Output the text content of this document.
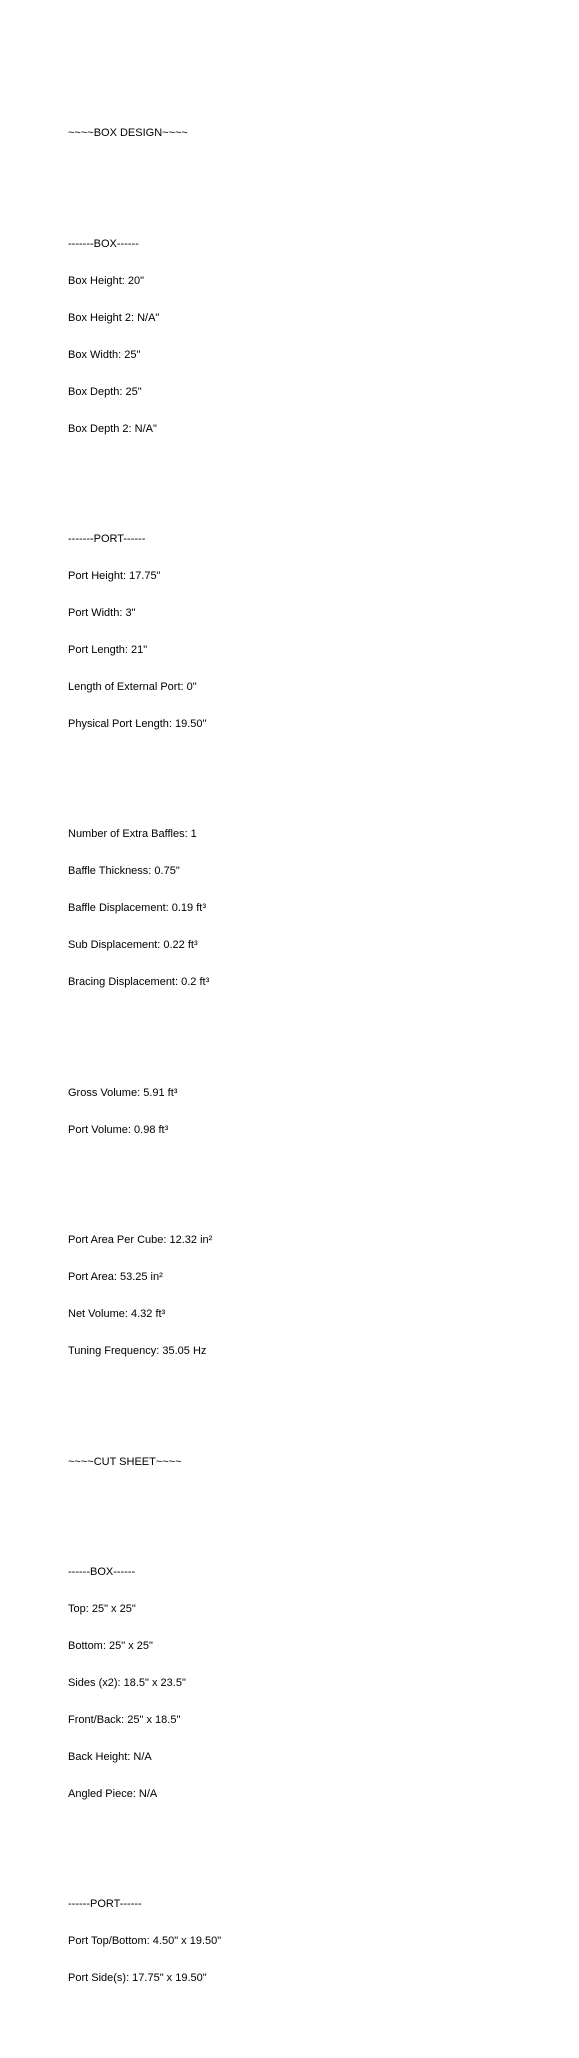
~~~~BOX DESIGN~~~~

-------BOX------

Box Height: 20"

Box Height 2: N/A"

Box Width: 25"

Box Depth: 25"

Box Depth 2: N/A"

-------PORT------

Port Height: 17.75"

Port Width: 3"

Port Length: 21"

Length of External Port: 0"

Physical Port Length: 19.50"

Number of Extra Baffles: 1

Baffle Thickness: 0.75"

Baffle Displacement: 0.19 ft³

Sub Displacement: 0.22 ft³

Bracing Displacement: 0.2 ft³

Gross Volume: 5.91 ft³

Port Volume: 0.98 ft³

Port Area Per Cube: 12.32 in²

Port Area: 53.25 in²

Net Volume: 4.32 ft³

Tuning Frequency: 35.05 Hz

~~~~CUT SHEET~~~~

------BOX------

Top: 25" x 25"

Bottom: 25" x 25"

Sides (x2): 18.5" x 23.5"

Front/Back: 25" x 18.5"

Back Height: N/A

Angled Piece: N/A

------PORT------

Port Top/Bottom: 4.50" x 19.50"

Port Side(s): 17.75" x 19.50"
